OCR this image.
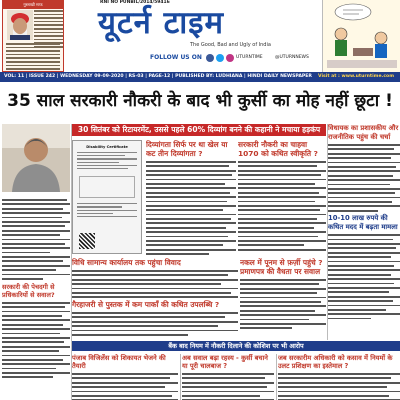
गुस्ताखी माफ	RNI NO PUNBIL/2014/59416
यूटर्न टाइम
The Good, Bad and Ugly of India
FOLLOW US ON	UTURNTIME	@UTURNNEWS
VOL: 11 | ISSUE 242 | WEDNESDAY 09-09-2020 | RS-03 | PAGE-12 | PUBLISHED BY: LUDHIANA | HINDI DAILY NEWSPAPER Visit at : www.uturntime.com
35 साल सरकारी नौकरी के बाद भी कुर्सी का मोह नहीं छूटा !
सरकारी की पेचदगी से प्रधिकारियों से सवाल?
30 सितंबर को रिटायरमेंट, उससे पहले 60% दिव्यांग बनने की कहानी ने मचाया हड़कंप
Disability Certificate	दिव्यांगता सिर्फ पर था खेल या कट तीन दिव्यांगता ?
सरकारी नौकरी का चाहवा 1070 को कथित स्वीकृति ?
विधि सामान्य कार्यालय तक पहुंचा विवाद
गैरहाजरी से पुस्तक में कम पाकाँ की कथित उपलब्धि ?
नकल में पूनम से फ़र्ज़ी पहुंचे ? प्रमाणपत्र की वैधता पर सवाल
विधायक का प्रशासकीय और राजनीतिक पहुंच की चर्चा
10-10 लाख रुपये की कथित मदद में बढ़ता मामला
बैंक बाद नियम में नौकरी दिलाने की कोशिश पर भी आरोप
पंजाब विजिलेंस को शिकायत भेजने की तैयारी
अब सवाल बढ़ा रहस्य - कुर्सी बचाने या पूरी चालबाज ?
जब सरकारीम अधिकारी को कसाव में नियमों के उलट प्रशिक्षण का इस्तेमाल ?
